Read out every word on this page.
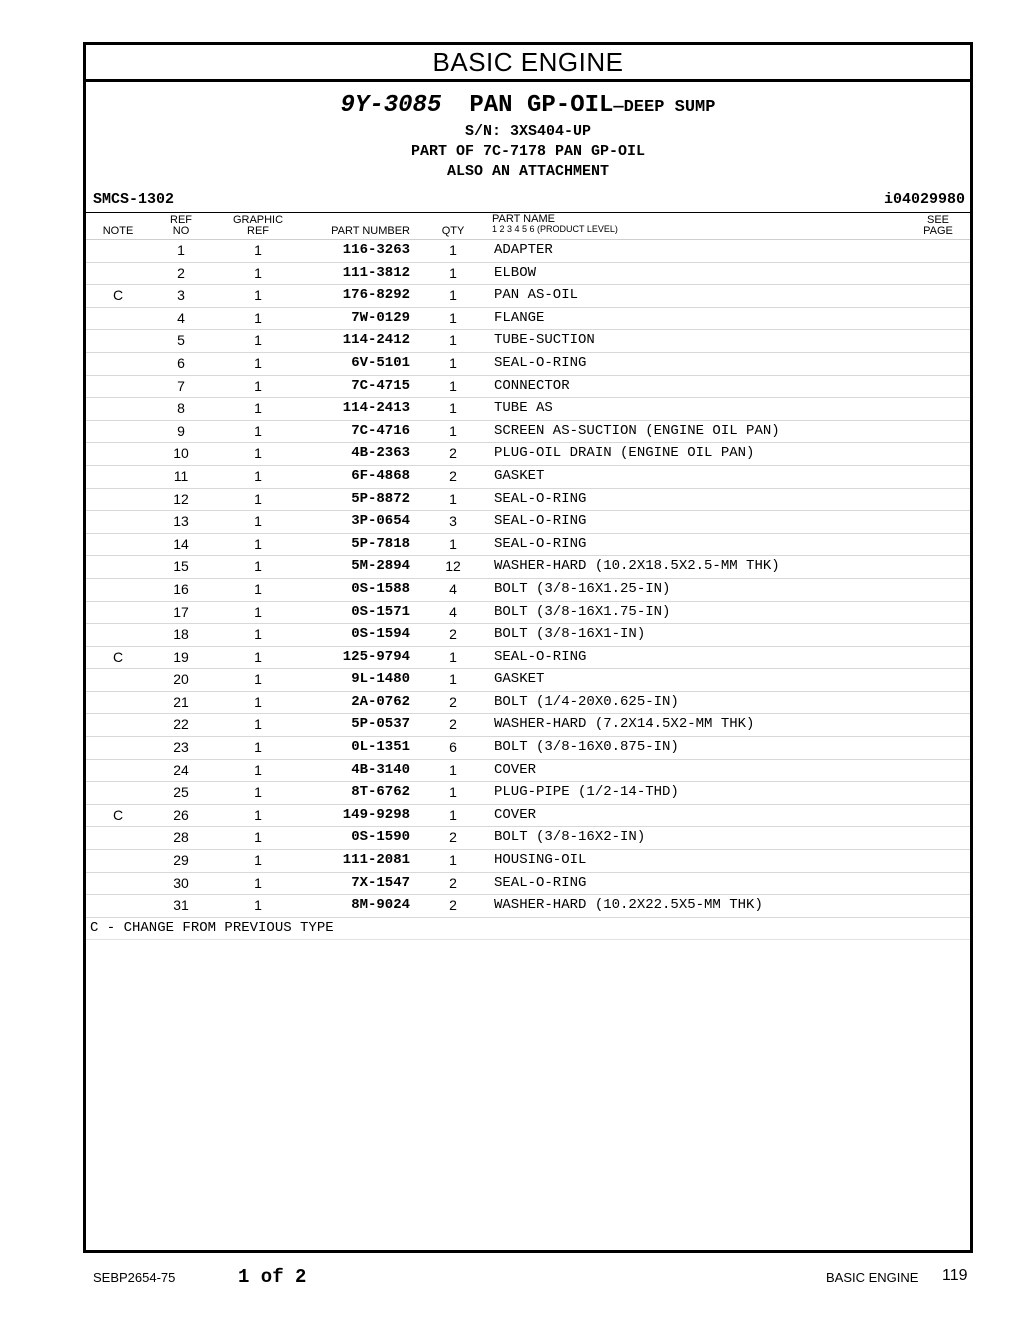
BASIC ENGINE
9Y-3085 PAN GP-OIL—DEEP SUMP
S/N: 3XS404-UP
PART OF 7C-7178 PAN GP-OIL
ALSO AN ATTACHMENT
SMCS-1302	i04029980
NOTE
REF
NO
GRAPHIC
REF	PART NUMBER	QTY
PART NAME
1 2 3 4 5 6 (PRODUCT LEVEL)
SEE
PAGE
1	1	116-3263	1	ADAPTER
2	1	111-3812	1	ELBOW
C	3	1	176-8292	1	PAN AS-OIL
4	1	7W-0129	1	FLANGE
5	1	114-2412	1	TUBE-SUCTION
6	1	6V-5101	1	SEAL-O-RING
7	1	7C-4715	1	CONNECTOR
8	1	114-2413	1	TUBE AS
9	1	7C-4716	1	SCREEN AS-SUCTION (ENGINE OIL PAN)
10	1	4B-2363	2	PLUG-OIL DRAIN (ENGINE OIL PAN)
11	1	6F-4868	2	GASKET
12	1	5P-8872	1	SEAL-O-RING
13	1	3P-0654	3	SEAL-O-RING
14	1	5P-7818	1	SEAL-O-RING
15	1	5M-2894	12	WASHER-HARD (10.2X18.5X2.5-MM THK)
16	1	0S-1588	4	BOLT (3/8-16X1.25-IN)
17	1	0S-1571	4	BOLT (3/8-16X1.75-IN)
18	1	0S-1594	2	BOLT (3/8-16X1-IN)
C	19	1	125-9794	1	SEAL-O-RING
20	1	9L-1480	1	GASKET
21	1	2A-0762	2	BOLT (1/4-20X0.625-IN)
22	1	5P-0537	2	WASHER-HARD (7.2X14.5X2-MM THK)
23	1	0L-1351	6	BOLT (3/8-16X0.875-IN)
24	1	4B-3140	1	COVER
25	1	8T-6762	1	PLUG-PIPE (1/2-14-THD)
C	26	1	149-9298	1	COVER
28	1	0S-1590	2	BOLT (3/8-16X2-IN)
29	1	111-2081	1	HOUSING-OIL
30	1	7X-1547	2	SEAL-O-RING
31	1	8M-9024	2	WASHER-HARD (10.2X22.5X5-MM THK)
C - CHANGE FROM PREVIOUS TYPE
SEBP2654-75	1 of 2	BASIC ENGINE 119
